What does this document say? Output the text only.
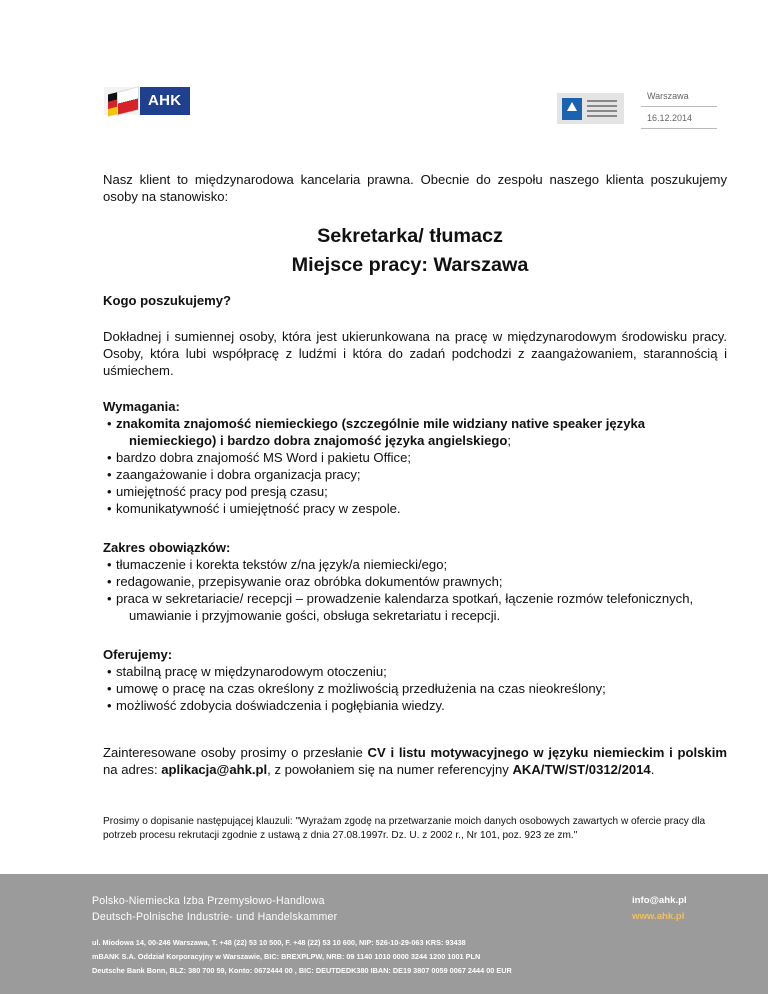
AHK	Warszawa
16.12.2014

Nasz klient to międzynarodowa kancelaria prawna. Obecnie do zespołu naszego klienta poszukujemy osoby na stanowisko:

Sekretarka/ tłumacz
Miejsce pracy: Warszawa

Kogo poszukujemy?

Dokładnej i sumiennej osoby, która jest ukierunkowana na pracę w międzynarodowym środowisku pracy. Osoby, która lubi współpracę z ludźmi i która do zadań podchodzi z zaangażowaniem, starannością i uśmiechem.

Wymagania:
• znakomita znajomość niemieckiego (szczególnie mile widziany native speaker języka niemieckiego) i bardzo dobra znajomość języka angielskiego;
• bardzo dobra znajomość MS Word i pakietu Office;
• zaangażowanie i dobra organizacja pracy;
• umiejętność pracy pod presją czasu;
• komunikatywność i umiejętność pracy w zespole.
Zakres obowiązków:
• tłumaczenie i korekta tekstów z/na język/a niemiecki/ego;
• redagowanie, przepisywanie oraz obróbka dokumentów prawnych;
• praca w sekretariacie/ recepcji – prowadzenie kalendarza spotkań, łączenie rozmów telefonicznych, umawianie i przyjmowanie gości, obsługa sekretariatu i recepcji.
Oferujemy:
• stabilną pracę w międzynarodowym otoczeniu;
• umowę o pracę na czas określony z możliwością przedłużenia na czas nieokreślony;
• możliwość zdobycia doświadczenia i pogłębiania wiedzy.

Zainteresowane osoby prosimy o przesłanie CV i listu motywacyjnego w języku niemieckim i polskim na adres: aplikacja@ahk.pl, z powołaniem się na numer referencyjny AKA/TW/ST/0312/2014.

Prosimy o dopisanie następującej klauzuli: "Wyrażam zgodę na przetwarzanie moich danych osobowych zawartych w ofercie pracy dla potrzeb procesu rekrutacji zgodnie z ustawą z dnia 27.08.1997r. Dz. U. z 2002 r., Nr 101, poz. 923 ze zm."

Polsko-Niemiecka Izba Przemysłowo-Handlowa
Deutsch-Polnische Industrie- und Handelskammer
info@ahk.pl
www.ahk.pl
ul. Miodowa 14, 00-246 Warszawa, T. +48 (22) 53 10 500, F. +48 (22) 53 10 600, NIP: 526-10-29-063 KRS: 93438
mBANK S.A. Oddział Korporacyjny w Warszawie, BIC: BREXPLPW, NRB: 09 1140 1010 0000 3244 1200 1001 PLN
Deutsche Bank Bonn, BLZ: 380 700 59, Konto: 0672444 00 , BIC: DEUTDEDK380 IBAN: DE19 3807 0059 0067 2444 00 EUR
